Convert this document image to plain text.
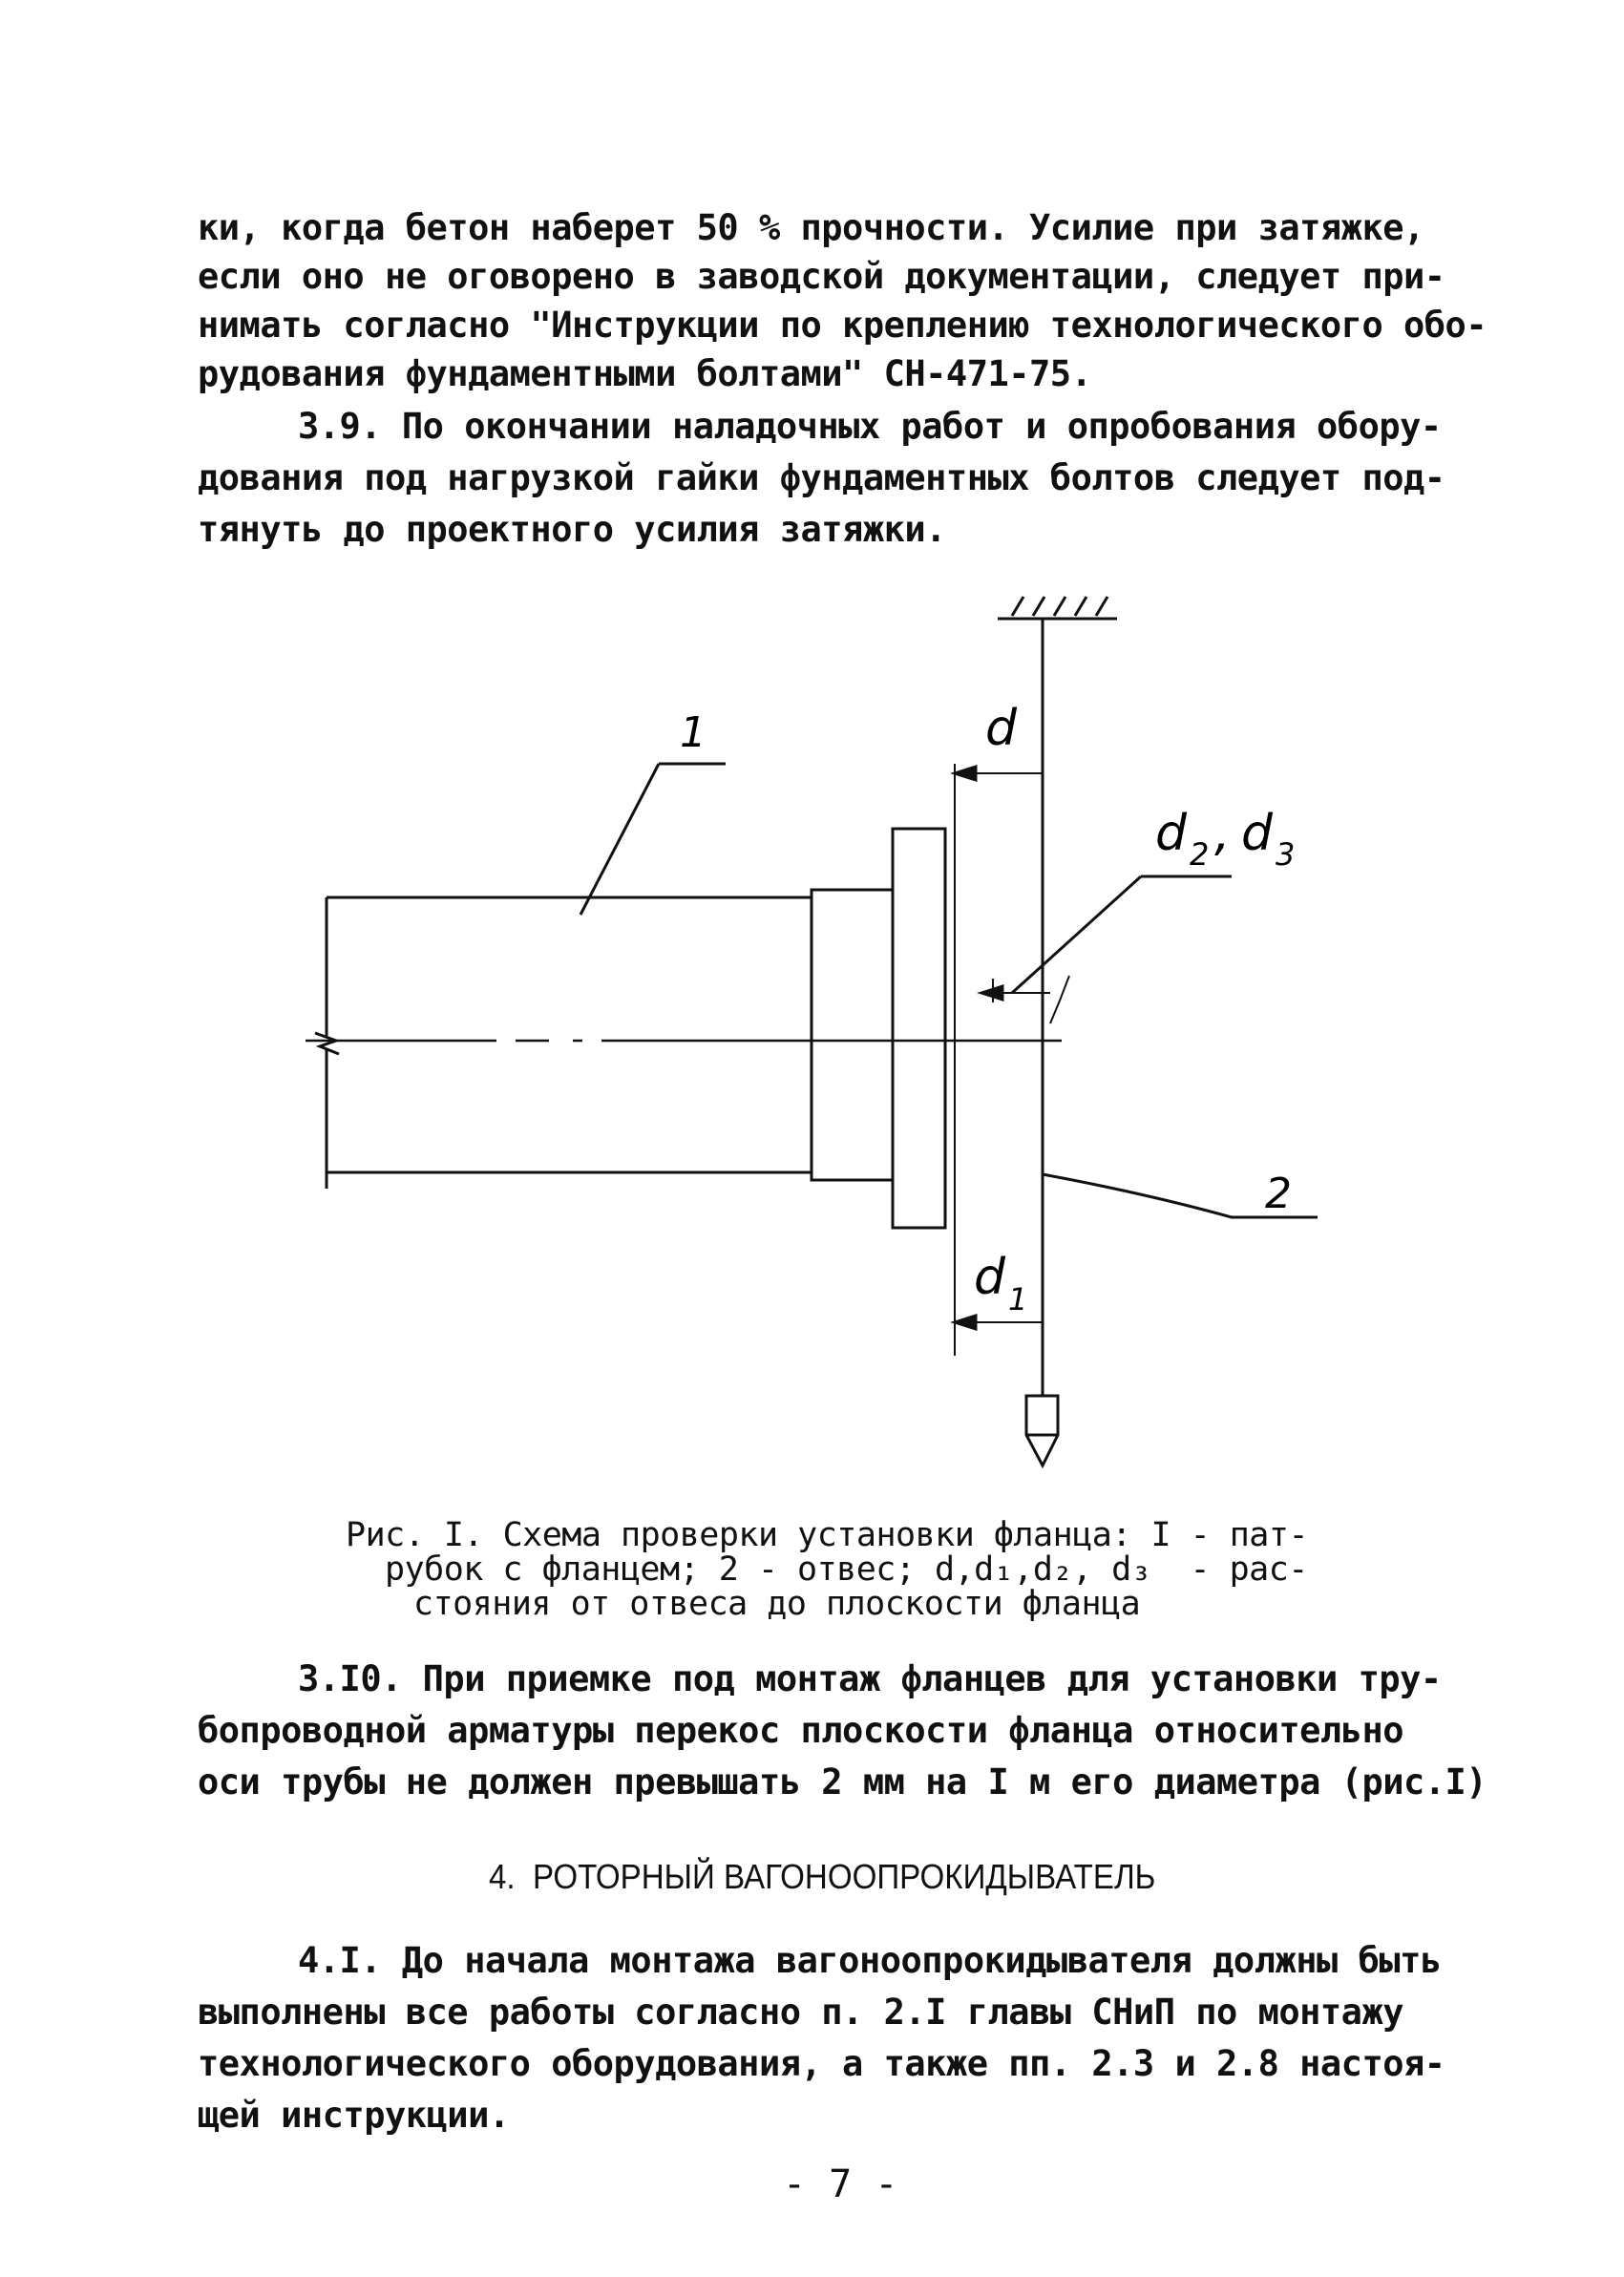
ки, когда бетон наберет 50 % прочности. Усилие при затяжке,
если оно не оговорено в заводской документации, следует при-
нимать согласно "Инструкции по креплению технологического обо-
рудования фундаментными болтами" СН-471-75.
3.9. По окончании наладочных работ и опробования обору-
дования под нагрузкой гайки фундаментных болтов следует под-
тянуть до проектного усилия затяжки.
1
2
d
d 1
d 2 , d 3
Рис. I. Схема проверки установки фланца: I - пат-
рубок с фланцем; 2 - отвес; d,d₁,d₂, d₃  - рас-
стояния от отвеса до плоскости фланца
3.I0. При приемке под монтаж фланцев для установки тру-
бопроводной арматуры перекос плоскости фланца относительно
оси трубы не должен превышать 2 мм на I м его диаметра (рис.I)
4.  РОТОРНЫЙ ВАГОНООПРОКИДЫВАТЕЛЬ
4.I. До начала монтажа вагоноопрокидывателя должны быть
выполнены все работы согласно п. 2.I главы СНиП по монтажу
технологического оборудования, а также пп. 2.3 и 2.8 настоя-
щей инструкции.
- 7 -
